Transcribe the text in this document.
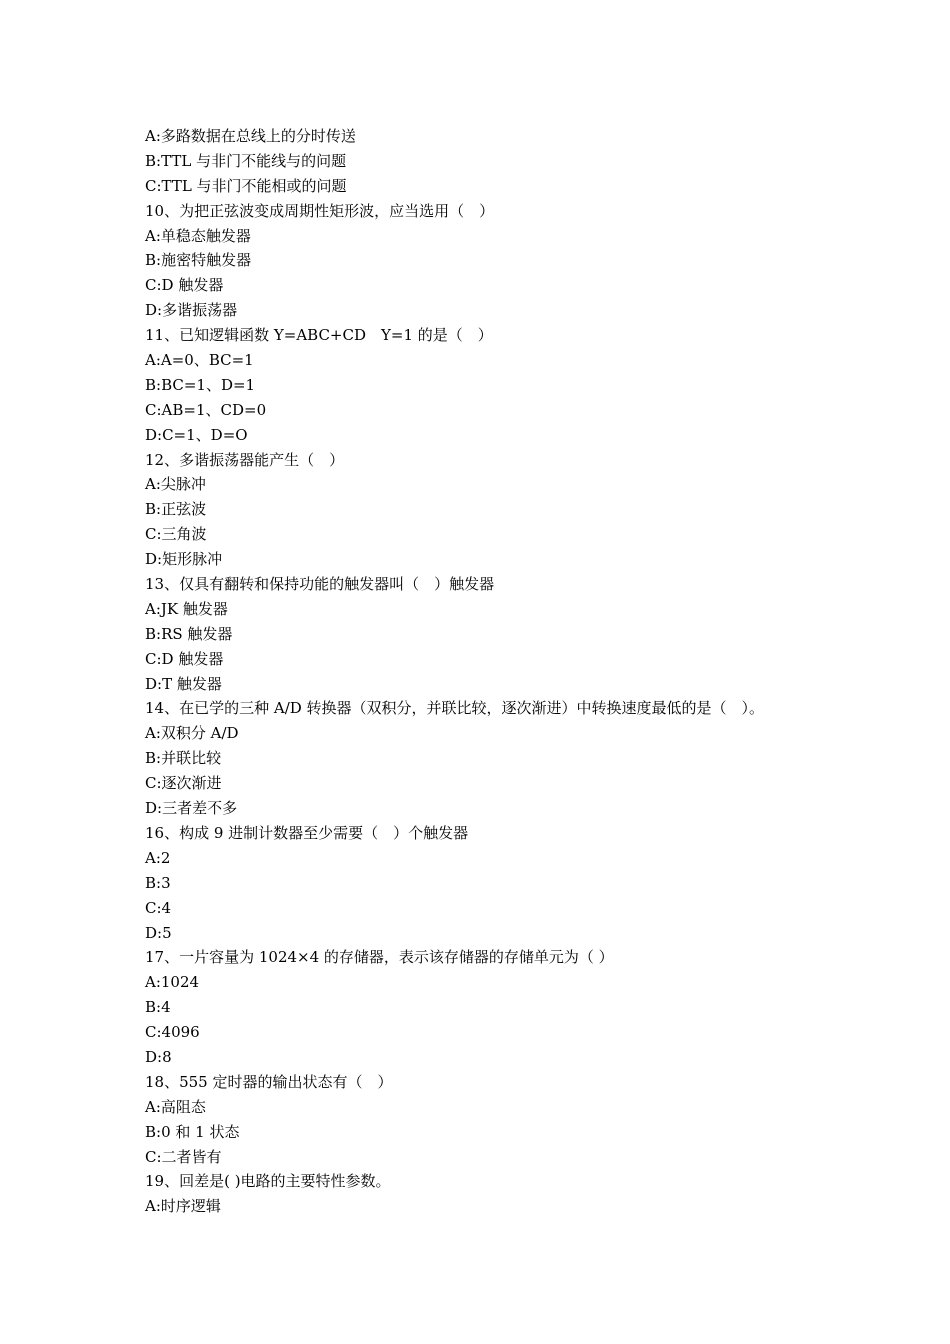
A:多路数据在总线上的分时传送
B:TTL 与非门不能线与的问题
C:TTL 与非门不能相或的问题
10、为把正弦波变成周期性矩形波，应当选用（　）
A:单稳态触发器
B:施密特触发器
C:D 触发器
D:多谐振荡器
11、已知逻辑函数 Y=ABC+CD　Y=1 的是（　）
A:A=0、BC=1
B:BC=1、D=1
C:AB=1、CD=0
D:C=1、D=O
12、多谐振荡器能产生（　）
A:尖脉冲
B:正弦波
C:三角波
D:矩形脉冲
13、仅具有翻转和保持功能的触发器叫（　）触发器
A:JK 触发器
B:RS 触发器
C:D 触发器
D:T 触发器
14、在已学的三种 A/D 转换器（双积分，并联比较，逐次渐进）中转换速度最低的是（　）。
A:双积分 A/D
B:并联比较
C:逐次渐进
D:三者差不多
16、构成 9 进制计数器至少需要（　）个触发器
A:2
B:3
C:4
D:5
17、一片容量为 1024×4 的存储器，表示该存储器的存储单元为（ ）
A:1024
B:4
C:4096
D:8
18、555 定时器的输出状态有（　）
A:高阻态
B:0 和 1 状态
C:二者皆有
19、回差是( )电路的主要特性参数。
A:时序逻辑
